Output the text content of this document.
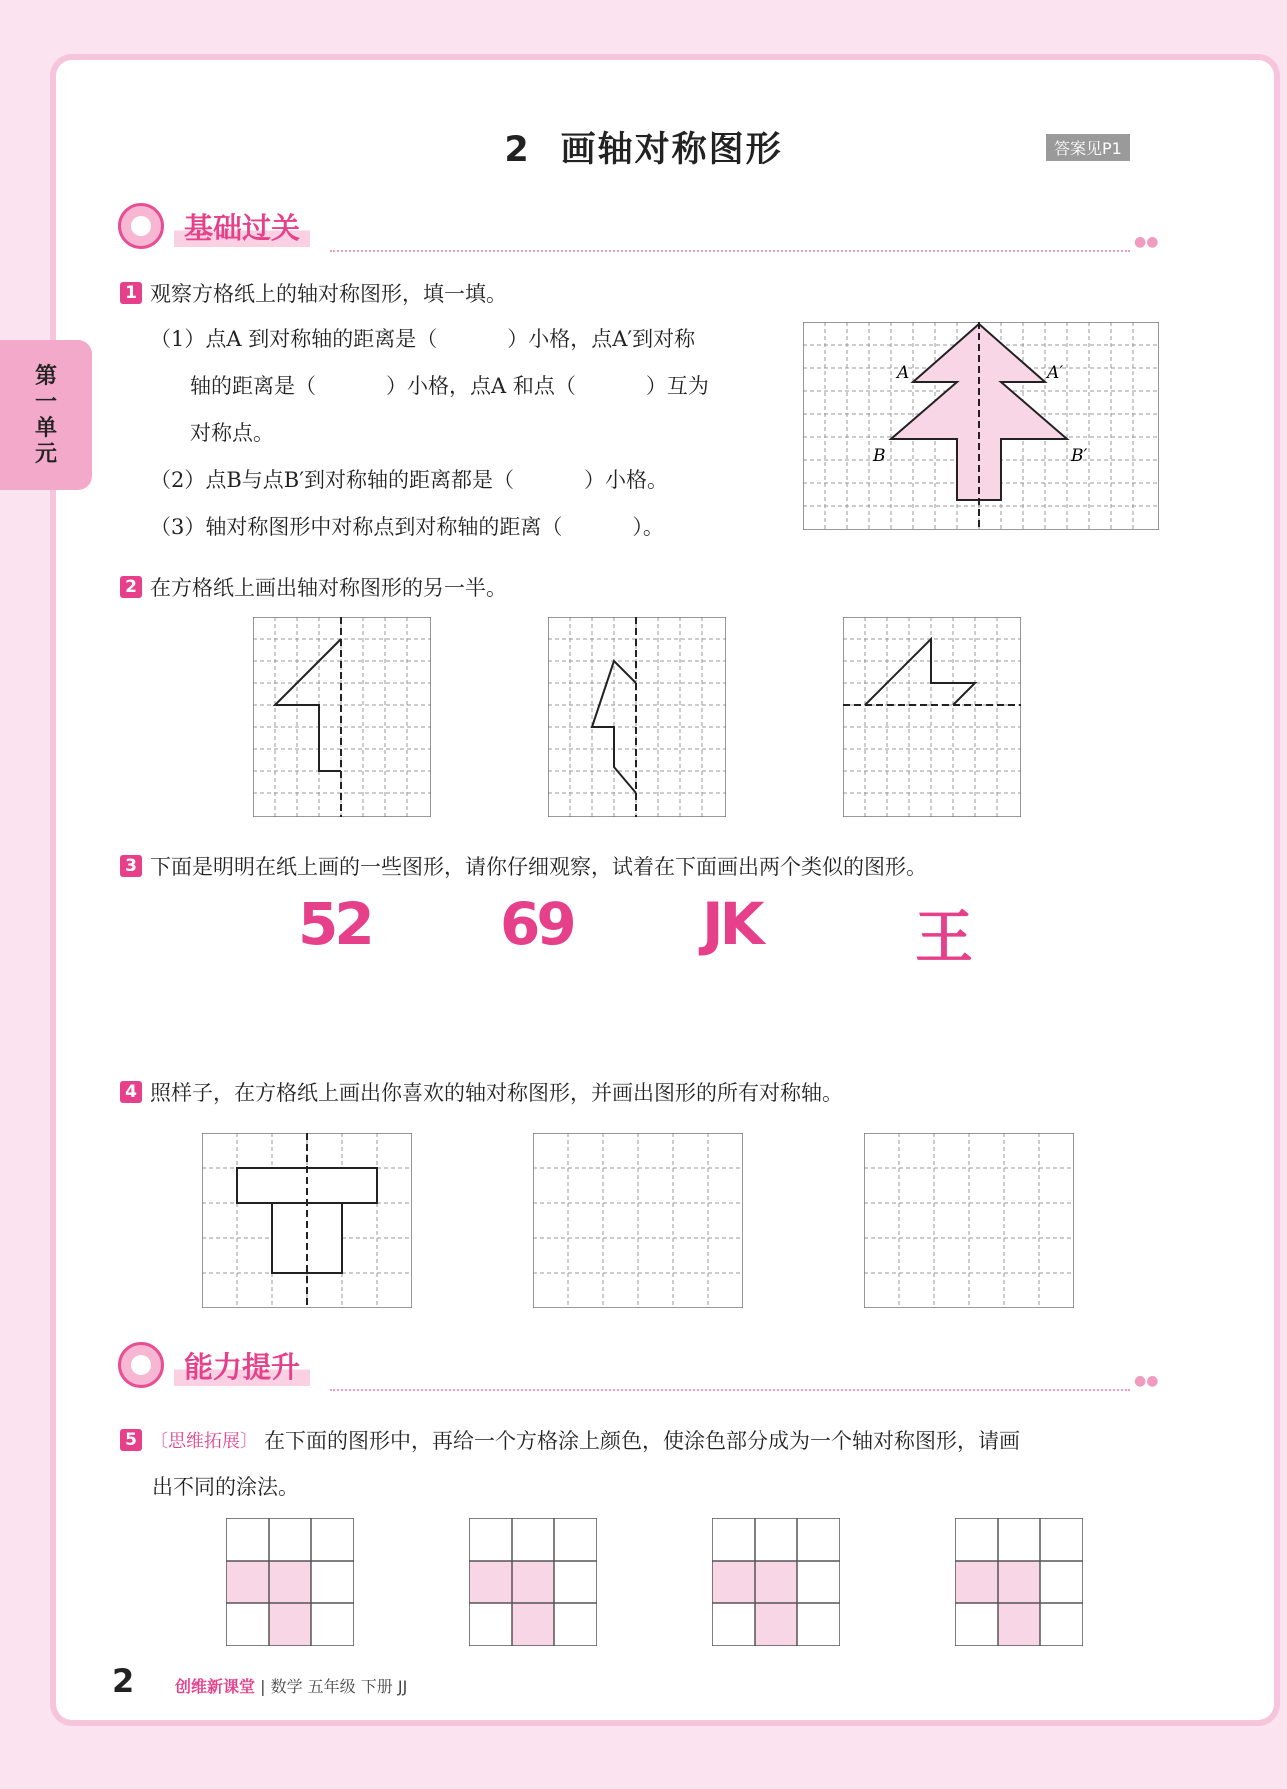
第
一
单
元
2 画轴对称图形	答案见P1
基础过关	●●
1 观察方格纸上的轴对称图形，填一填。
（1）点A 到对称轴的距离是（	）小格，点A′到对称
轴的距离是（	）小格，点A 和点（	）互为
对称点。
（2）点B与点B′到对称轴的距离都是（	）小格。
（3）轴对称图形中对称点到对称轴的距离（	）。
A	A′
B	B′
2 在方格纸上画出轴对称图形的另一半。
3 下面是明明在纸上画的一些图形，请你仔细观察，试着在下面画出两个类似的图形。
52 69 JK	王
4 照样子，在方格纸上画出你喜欢的轴对称图形，并画出图形的所有对称轴。
能力提升	●●
5 〔思维拓展〕 在下面的图形中，再给一个方格涂上颜色，使涂色部分成为一个轴对称图形，请画
出不同的涂法。
2	创维新课堂 | 数学 五年级 下册 JJ
